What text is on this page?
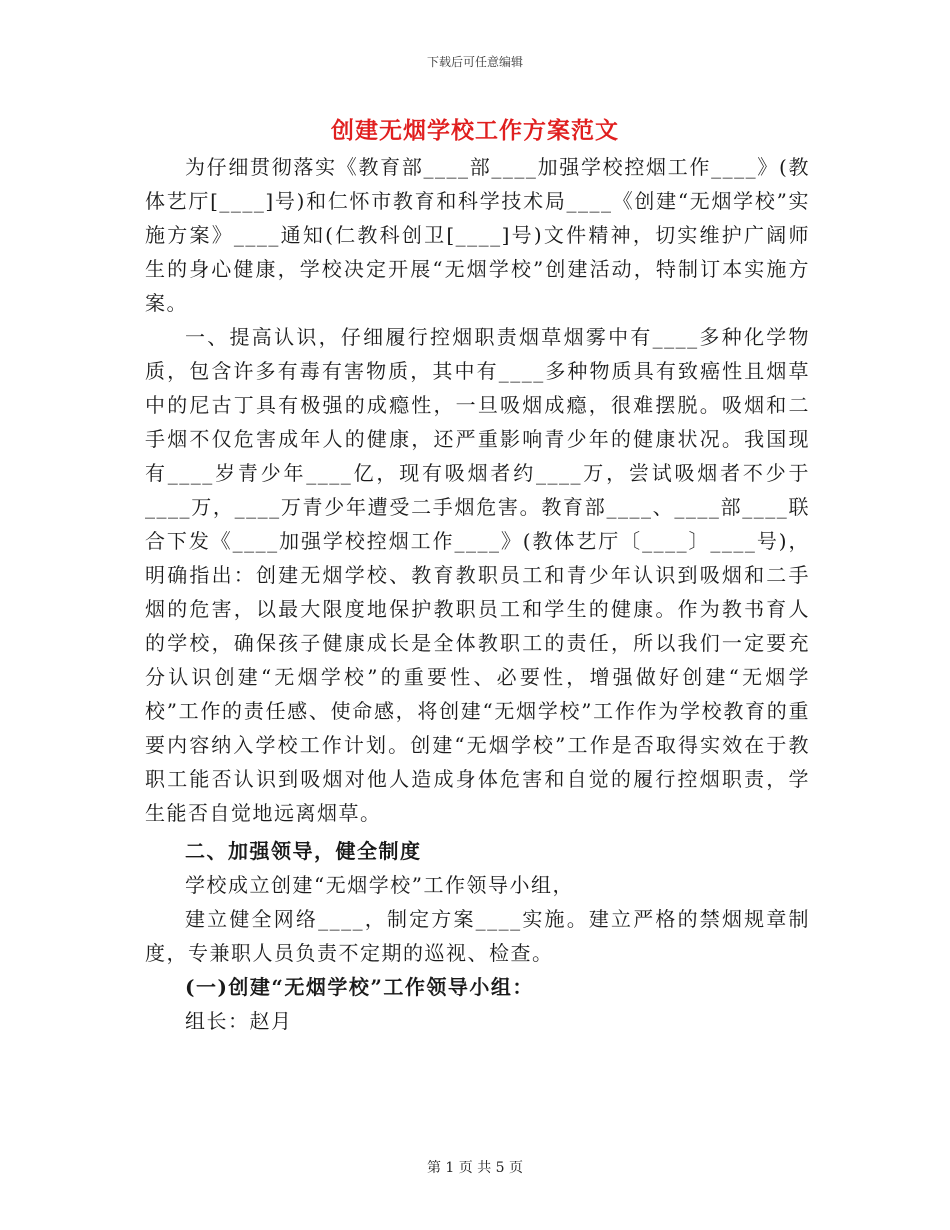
下载后可任意编辑
创建无烟学校工作方案范文

为仔细贯彻落实《教育部____部____加强学校控烟工作____》(教体艺厅[____]号)和仁怀市教育和科学技术局____《创建“无烟学校”实施方案》____通知(仁教科创卫[____]号)文件精神，切实维护广阔师生的身心健康，学校决定开展“无烟学校”创建活动，特制订本实施方案。

一、提高认识，仔细履行控烟职责烟草烟雾中有____多种化学物质，包含许多有毒有害物质，其中有____多种物质具有致癌性且烟草中的尼古丁具有极强的成瘾性，一旦吸烟成瘾，很难摆脱。吸烟和二手烟不仅危害成年人的健康，还严重影响青少年的健康状况。我国现有____岁青少年____亿，现有吸烟者约____万，尝试吸烟者不少于____万，____万青少年遭受二手烟危害。教育部____、____部____联合下发《____加强学校控烟工作____》(教体艺厅〔____〕____号)，明确指出：创建无烟学校、教育教职员工和青少年认识到吸烟和二手烟的危害，以最大限度地保护教职员工和学生的健康。作为教书育人的学校，确保孩子健康成长是全体教职工的责任，所以我们一定要充分认识创建“无烟学校”的重要性、必要性，增强做好创建“无烟学校”工作的责任感、使命感，将创建“无烟学校”工作作为学校教育的重要内容纳入学校工作计划。创建“无烟学校”工作是否取得实效在于教职工能否认识到吸烟对他人造成身体危害和自觉的履行控烟职责，学生能否自觉地远离烟草。

二、加强领导，健全制度

学校成立创建“无烟学校”工作领导小组，

建立健全网络____，制定方案____实施。建立严格的禁烟规章制度，专兼职人员负责不定期的巡视、检查。

(一)创建“无烟学校”工作领导小组：

组长：赵月

第 1 页 共 5 页
